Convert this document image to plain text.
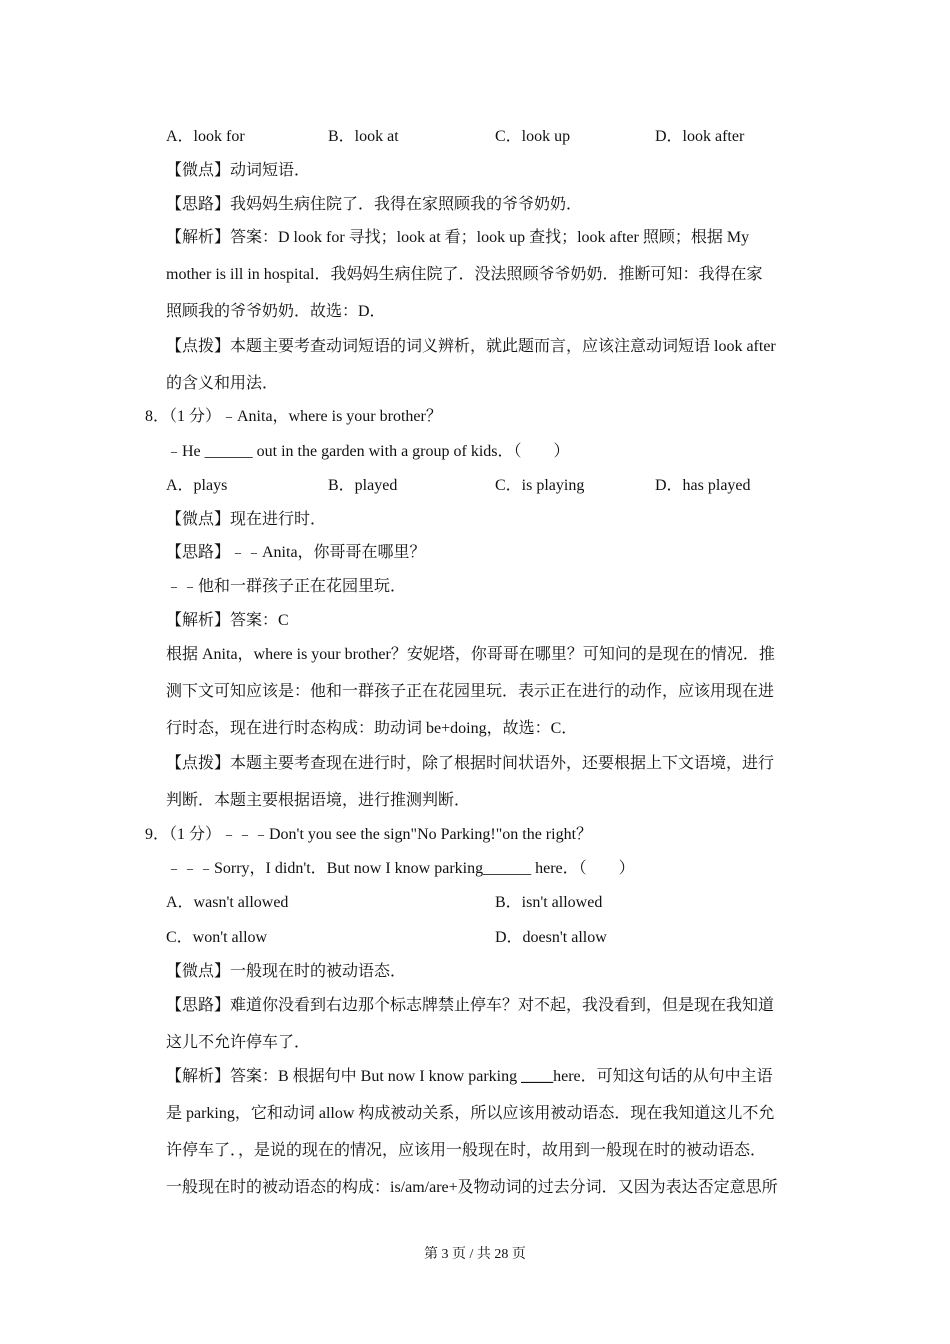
A．look for	B．look at	C．look up	D．look after
【微点】动词短语．
【思路】我妈妈生病住院了．我得在家照顾我的爷爷奶奶．
【解析】答案：D look for 寻找；look at 看；look up 查找；look after 照顾；根据 My
mother is ill in hospital．我妈妈生病住院了．没法照顾爷爷奶奶．推断可知：我得在家
照顾我的爷爷奶奶．故选：D．
【点拨】本题主要考查动词短语的词义辨析，就此题而言，应该注意动词短语 look after
的含义和用法．
8．（1 分）﹣Anita，where is your brother？
﹣He ______ out in the garden with a group of kids．（　　）
A．plays	B．played	C．is playing	D．has played
【微点】现在进行时．
【思路】﹣﹣Anita，你哥哥在哪里？
﹣﹣他和一群孩子正在花园里玩．
【解析】答案：C
根据 Anita，where is your brother？安妮塔，你哥哥在哪里？可知问的是现在的情况．推
测下文可知应该是：他和一群孩子正在花园里玩．表示正在进行的动作，应该用现在进
行时态，现在进行时态构成：助动词 be+doing，故选：C．
【点拨】本题主要考查现在进行时，除了根据时间状语外，还要根据上下文语境，进行
判断．本题主要根据语境，进行推测判断．
9．（1 分）﹣﹣﹣Don't you see the sign"No Parking!"on the right？
﹣﹣﹣Sorry，I didn't．But now I know parking______ here．（　　）
A．wasn't allowed	B．isn't allowed
C．won't allow	D．doesn't allow
【微点】一般现在时的被动语态．
【思路】难道你没看到右边那个标志牌禁止停车？对不起，我没看到，但是现在我知道
这儿不允许停车了．
【解析】答案：B 根据句中 But now I know parking ____here．可知这句话的从句中主语
是 parking，它和动词 allow 构成被动关系，所以应该用被动语态．现在我知道这儿不允
许停车了．，是说的现在的情况，应该用一般现在时，故用到一般现在时的被动语态．
一般现在时的被动语态的构成：is/am/are+及物动词的过去分词．又因为表达否定意思所
第 3 页 / 共 28 页
